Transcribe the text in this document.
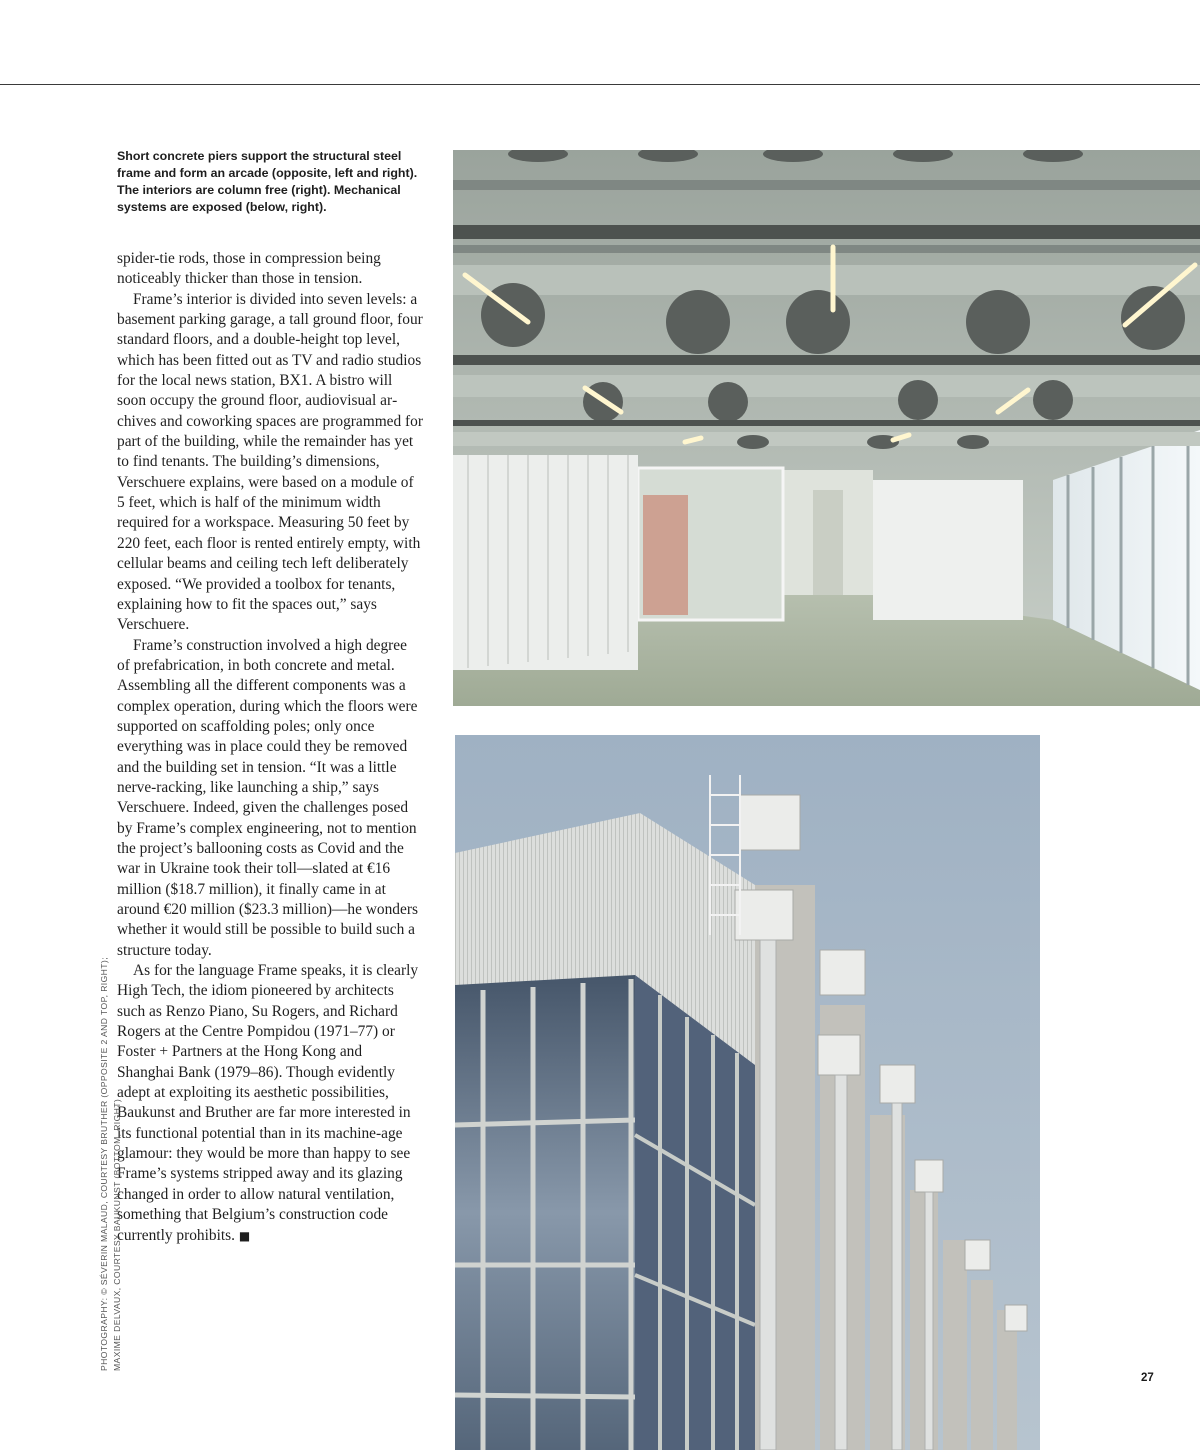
Short concrete piers support the structural steel frame and form an arcade (opposite, left and right). The interiors are column free (right). Mechanical systems are exposed (below, right).

spider-tie rods, those in compression being noticeably thicker than those in tension.

Frame’s interior is divided into seven levels: a basement parking garage, a tall ground floor, four standard floors, and a double-height top level, which has been fitted out as TV and radio studios for the local news station, BX1. A bistro will soon occupy the ground floor, audiovisual archives and coworking spaces are programmed for part of the building, while the remainder has yet to find tenants. The building’s dimensions, Verschuere explains, were based on a module of 5 feet, which is half of the minimum width required for a workspace. Measuring 50 feet by 220 feet, each floor is rented entirely empty, with cellular beams and ceiling tech left deliberately exposed. “We provided a toolbox for tenants, explaining how to fit the spaces out,” says Verschuere.

Frame’s construction involved a high degree of prefabrication, in both concrete and metal. Assembling all the different components was a complex operation, during which the floors were supported on scaffolding poles; only once everything was in place could they be removed and the building set in tension. “It was a little nerve-racking, like launching a ship,” says Verschuere. Indeed, given the challenges posed by Frame’s complex engineering, not to mention the project’s ballooning costs as Covid and the war in Ukraine took their toll—slated at €16 million ($18.7 million), it finally came in at around €20 million ($23.3 million)—he wonders whether it would still be possible to build such a structure today.

As for the language Frame speaks, it is clearly High Tech, the idiom pioneered by architects such as Renzo Piano, Su Rogers, and Richard Rogers at the Centre Pompidou (1971–77) or Foster + Partners at the Hong Kong and Shanghai Bank (1979–86). Though evidently adept at exploiting its aesthetic possibilities, Baukunst and Bruther are far more interested in its functional potential than in its machine-age glamour: they would be more than happy to see Frame’s systems stripped away and its glazing changed in order to allow natural ventilation, something that Belgium’s construction code currently prohibits. ■

PHOTOGRAPHY: © SÉVERIN MALAUD, COURTESY BRUTHER (OPPOSITE 2 AND TOP, RIGHT); MAXIME DELVAUX, COURTESY BAUKUNST (BOTTOM, RIGHT)
27
